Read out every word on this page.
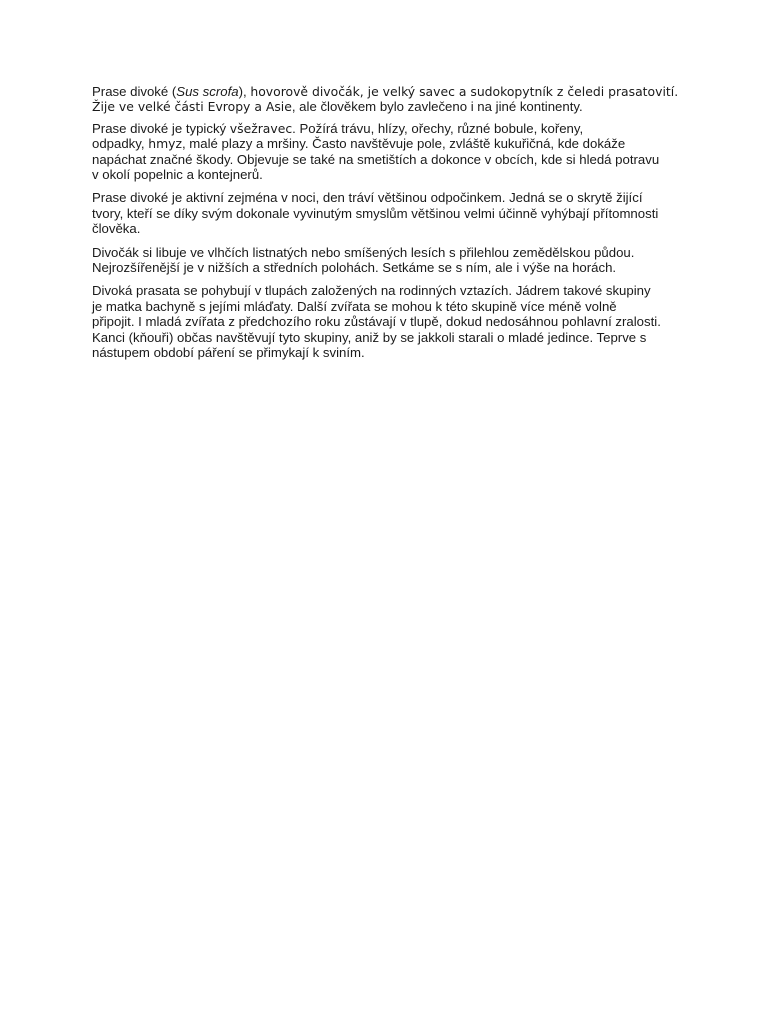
Prase divoké (Sus scrofa), hovorově divočák, je velký savec a sudokopytník z čeledi prasatovití.
Žije ve velké části Evropy a Asie, ale člověkem bylo zavlečeno i na jiné kontinenty.

Prase divoké je typický všežravec. Požírá trávu, hlízy, ořechy, různé bobule, kořeny,
odpadky, hmyz, malé plazy a mršiny. Často navštěvuje pole, zvláště kukuřičná, kde dokáže
napáchat značné škody. Objevuje se také na smetištích a dokonce v obcích, kde si hledá potravu
v okolí popelnic a kontejnerů.

Prase divoké je aktivní zejména v noci, den tráví většinou odpočinkem. Jedná se o skrytě žijící
tvory, kteří se díky svým dokonale vyvinutým smyslům většinou velmi účinně vyhýbají přítomnosti
člověka.

Divočák si libuje ve vlhčích listnatých nebo smíšených lesích s přilehlou zemědělskou půdou.
Nejrozšířenější je v nižších a středních polohách. Setkáme se s ním, ale i výše na horách.

Divoká prasata se pohybují v tlupách založených na rodinných vztazích. Jádrem takové skupiny
je matka bachyně s jejími mláďaty. Další zvířata se mohou k této skupině více méně volně
připojit. I mladá zvířata z předchozího roku zůstávají v tlupě, dokud nedosáhnou pohlavní zralosti.
Kanci (kňouři) občas navštěvují tyto skupiny, aniž by se jakkoli starali o mladé jedince. Teprve s
nástupem období páření se přimykají k sviním.
